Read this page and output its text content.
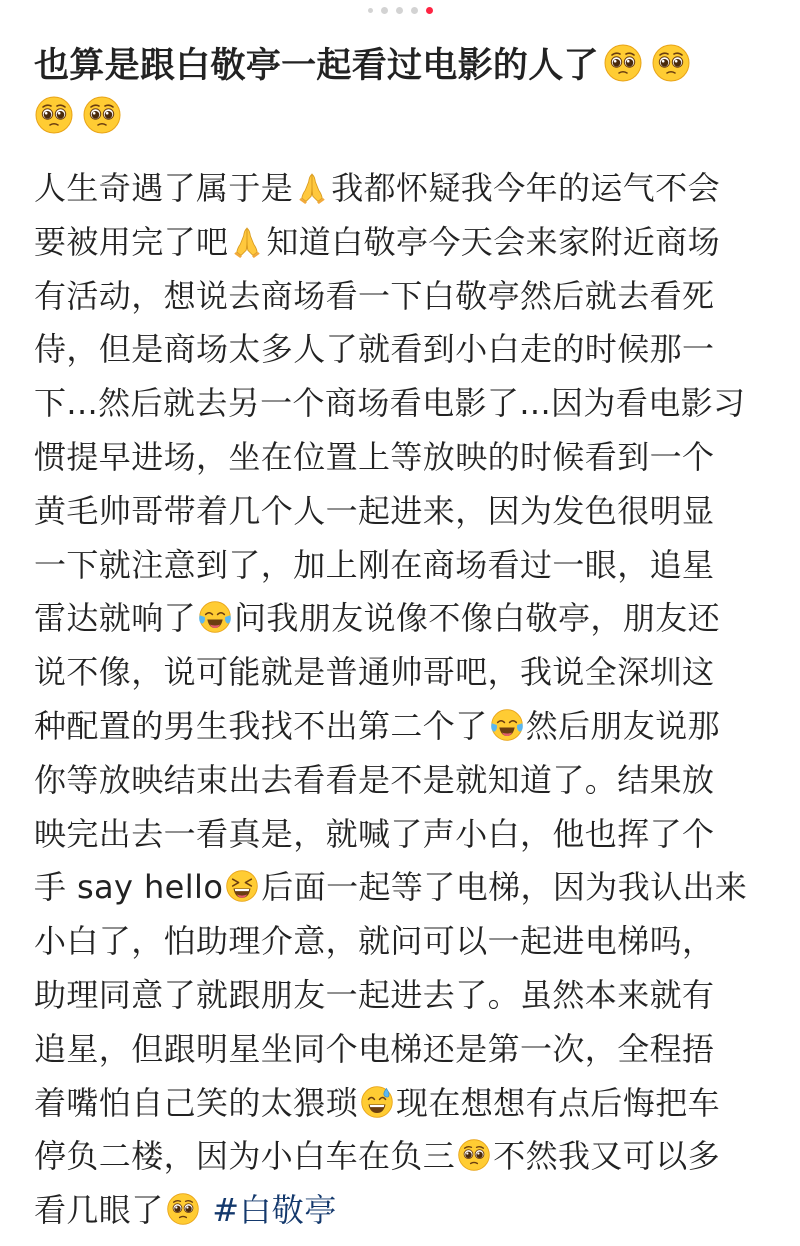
也算是跟白敬亭一起看过电影的人了

人生奇遇了属于是 我都怀疑我今年的运气不会
要被用完了吧 知道白敬亭今天会来家附近商场
有活动，想说去商场看一下白敬亭然后就去看死
侍，但是商场太多人了就看到小白走的时候那一
下...然后就去另一个商场看电影了...因为看电影习
惯提早进场，坐在位置上等放映的时候看到一个
黄毛帅哥带着几个人一起进来，因为发色很明显
一下就注意到了，加上刚在商场看过一眼，追星
雷达就响了 问我朋友说像不像白敬亭，朋友还
说不像，说可能就是普通帅哥吧，我说全深圳这
种配置的男生我找不出第二个了 然后朋友说那
你等放映结束出去看看是不是就知道了。结果放
映完出去一看真是，就喊了声小白，他也挥了个
手 say hello 后面一起等了电梯，因为我认出来
小白了，怕助理介意，就问可以一起进电梯吗，
助理同意了就跟朋友一起进去了。虽然本来就有
追星，但跟明星坐同个电梯还是第一次，全程捂
着嘴怕自己笑的太猥琐 现在想想有点后悔把车
停负二楼，因为小白车在负三 不然我又可以多
看几眼了 #白敬亭
